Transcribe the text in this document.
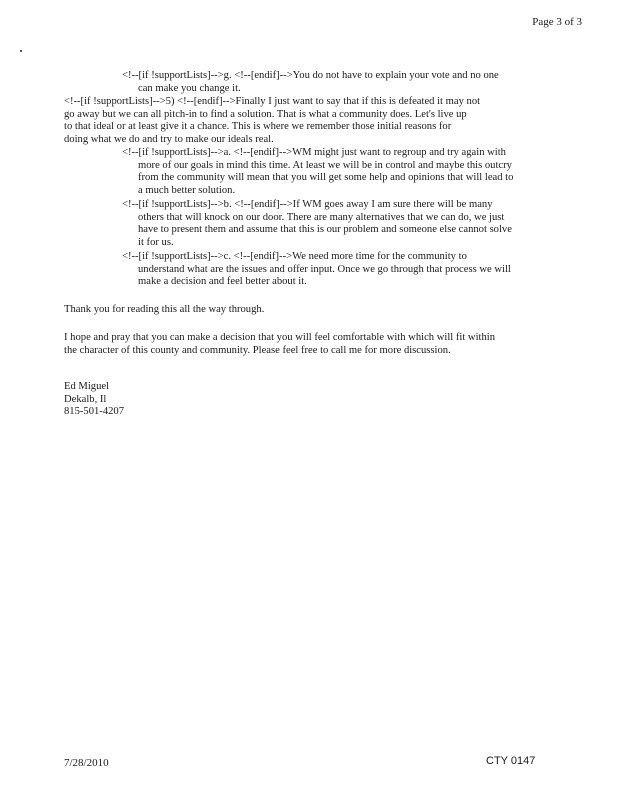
Page 3 of 3

<!--[if !supportLists]-->g. <!--[endif]-->You do not have to explain your vote and no one

can make you change it.

<!--[if !supportLists]-->5) <!--[endif]-->Finally I just want to say that if this is defeated it may not

go away but we can all pitch-in to find a solution. That is what a community does. Let's live up

to that ideal or at least give it a chance. This is where we remember those initial reasons for

doing what we do and try to make our ideals real.

<!--[if !supportLists]-->a. <!--[endif]-->WM might just want to regroup and try again with

more of our goals in mind this time. At least we will be in control and maybe this outcry

from the community will mean that you will get some help and opinions that will lead to

a much better solution.

<!--[if !supportLists]-->b. <!--[endif]-->If WM goes away I am sure there will be many

others that will knock on our door. There are many alternatives that we can do, we just

have to present them and assume that this is our problem and someone else cannot solve

it for us.

<!--[if !supportLists]-->c. <!--[endif]-->We need more time for the community to

understand what are the issues and offer input. Once we go through that process we will

make a decision and feel better about it.

Thank you for reading this all the way through.

I hope and pray that you can make a decision that you will feel comfortable with which will fit within

the character of this county and community. Please feel free to call me for more discussion.

Ed Miguel

Dekalb, Il

815-501-4207

7/28/2010	CTY 0147
